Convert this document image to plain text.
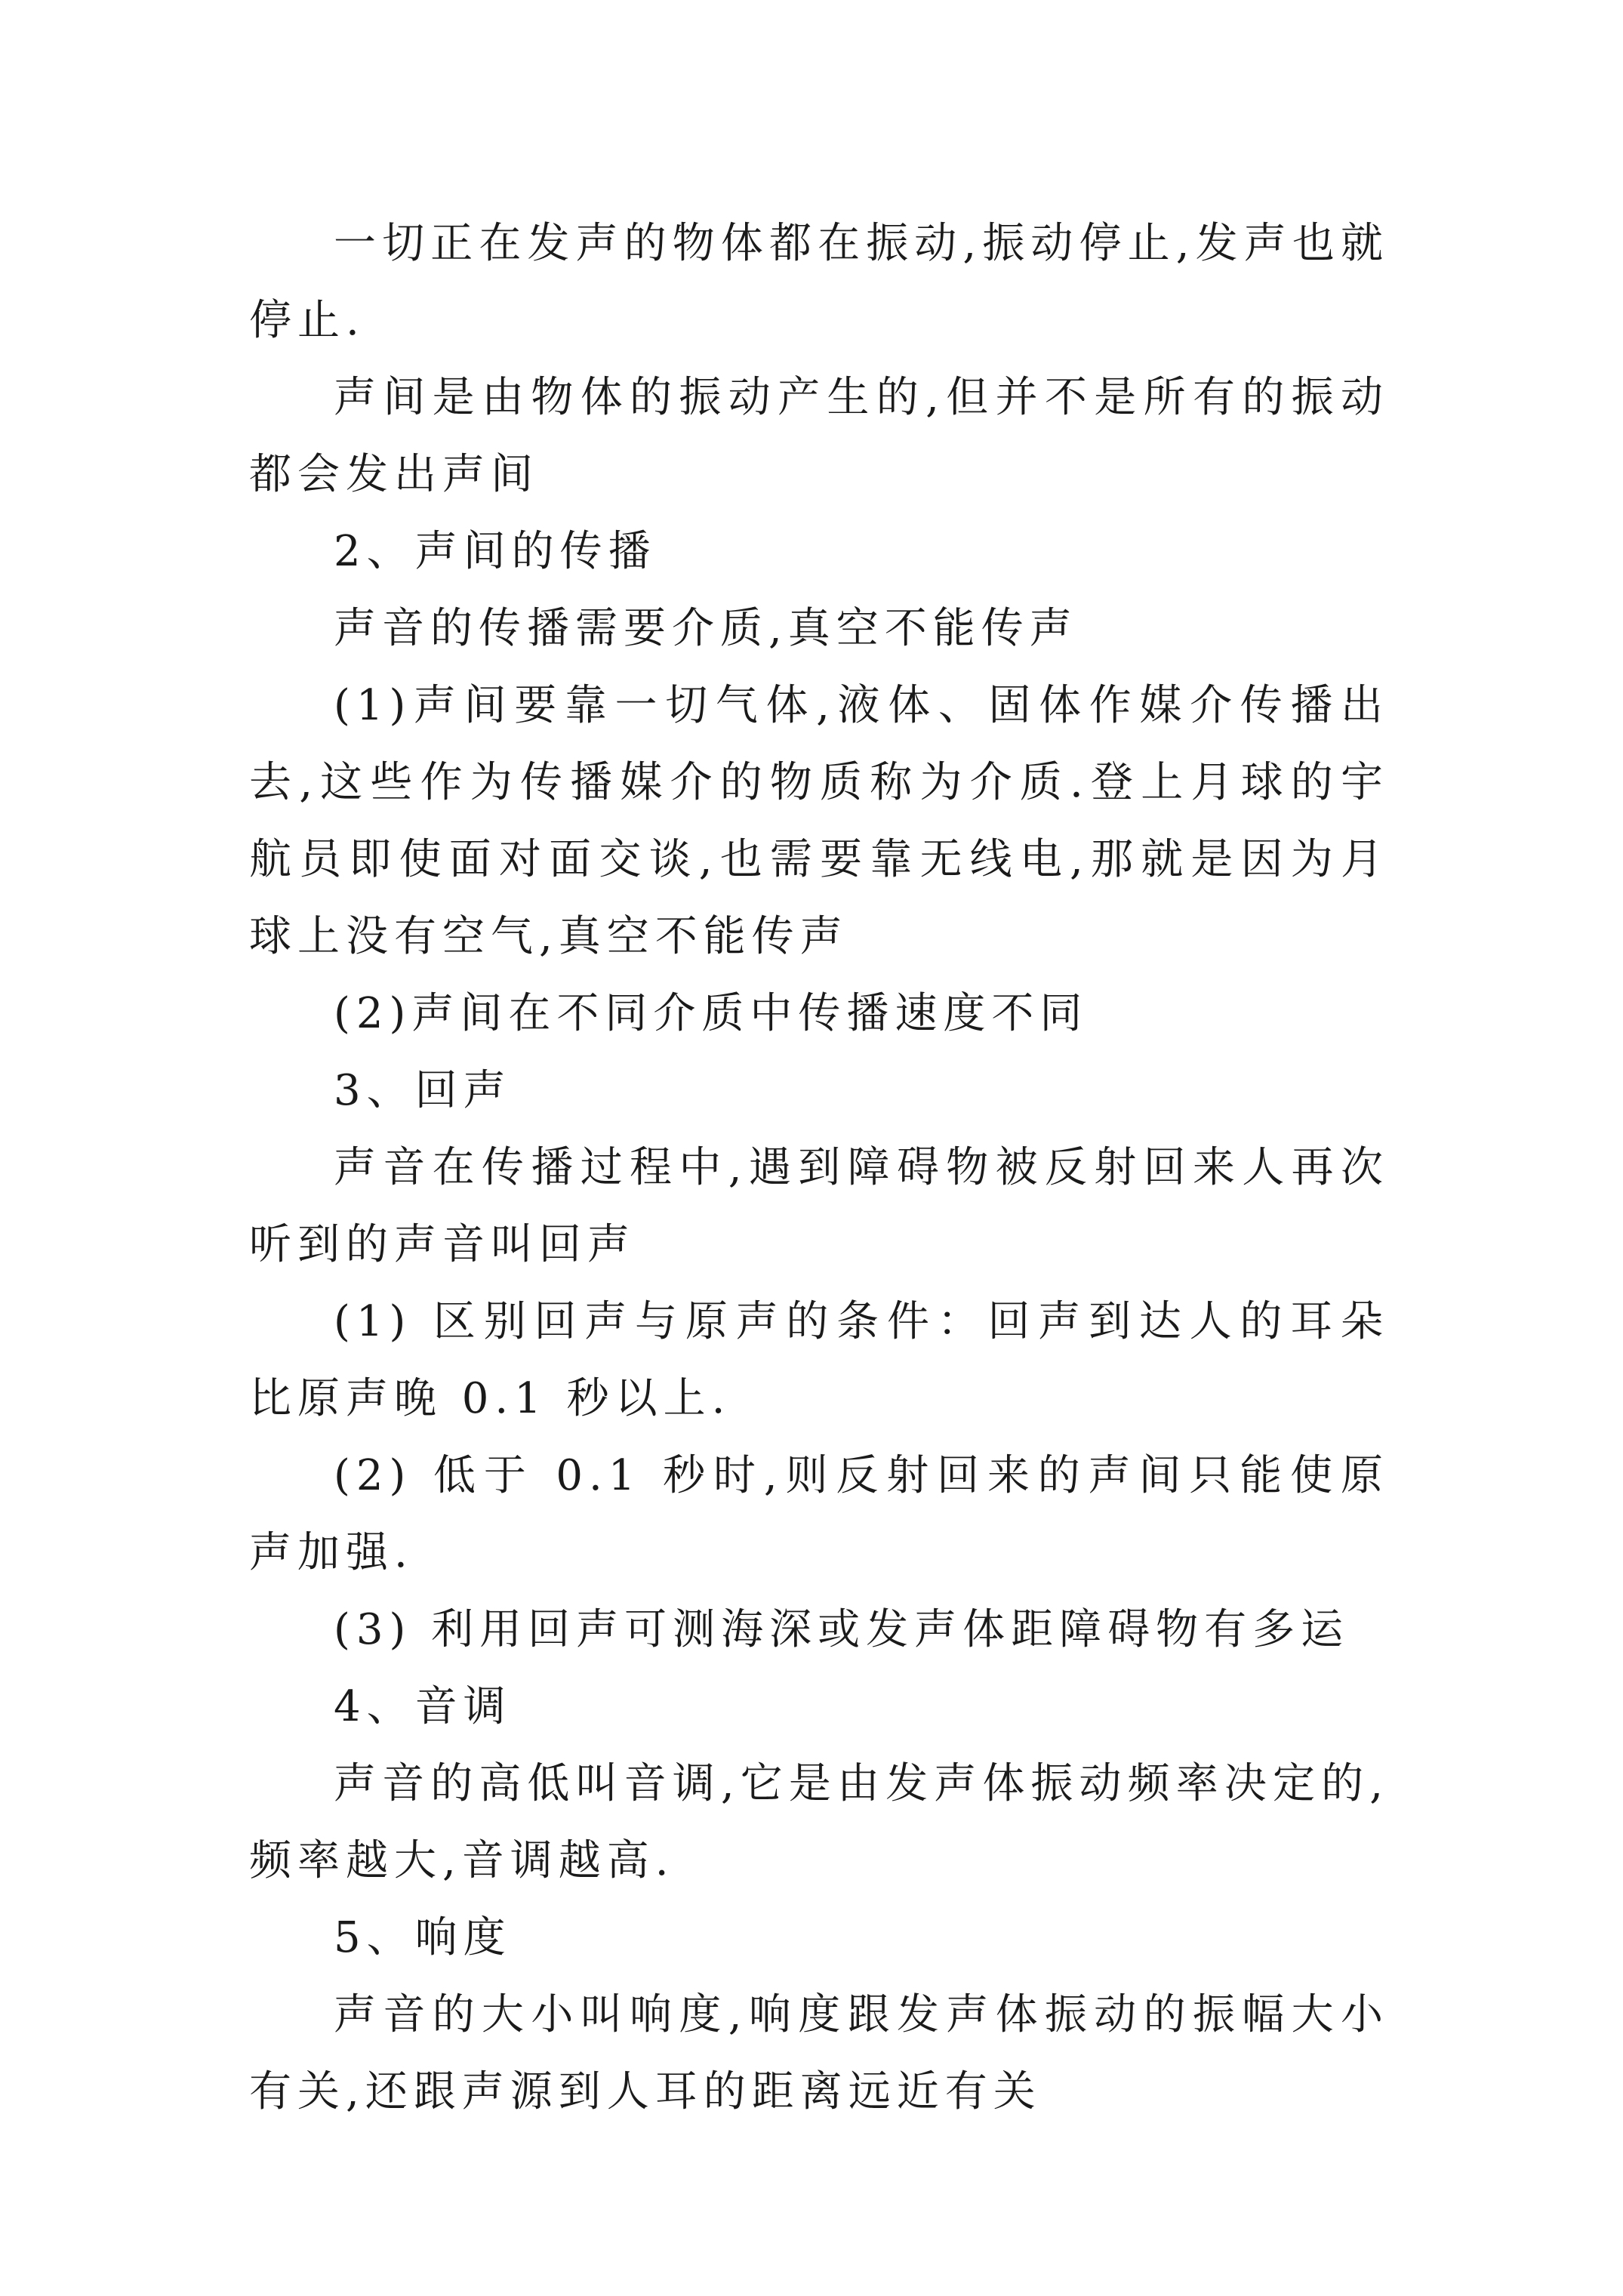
一切正在发声的物体都在振动,振动停止,发声也就停止.

声间是由物体的振动产生的,但并不是所有的振动都会发出声间

2、声间的传播

声音的传播需要介质,真空不能传声

(1)声间要靠一切气体,液体、固体作媒介传播出去,这些作为传播媒介的物质称为介质.登上月球的宇航员即使面对面交谈,也需要靠无线电,那就是因为月球上没有空气,真空不能传声

(2)声间在不同介质中传播速度不同

3、回声

声音在传播过程中,遇到障碍物被反射回来人再次听到的声音叫回声

(1) 区别回声与原声的条件：回声到达人的耳朵比原声晚 0.1 秒以上.

(2) 低于 0.1 秒时,则反射回来的声间只能使原声加强.

(3) 利用回声可测海深或发声体距障碍物有多运

4、音调

声音的高低叫音调,它是由发声体振动频率决定的,频率越大,音调越高.

5、响度

声音的大小叫响度,响度跟发声体振动的振幅大小有关,还跟声源到人耳的距离远近有关
